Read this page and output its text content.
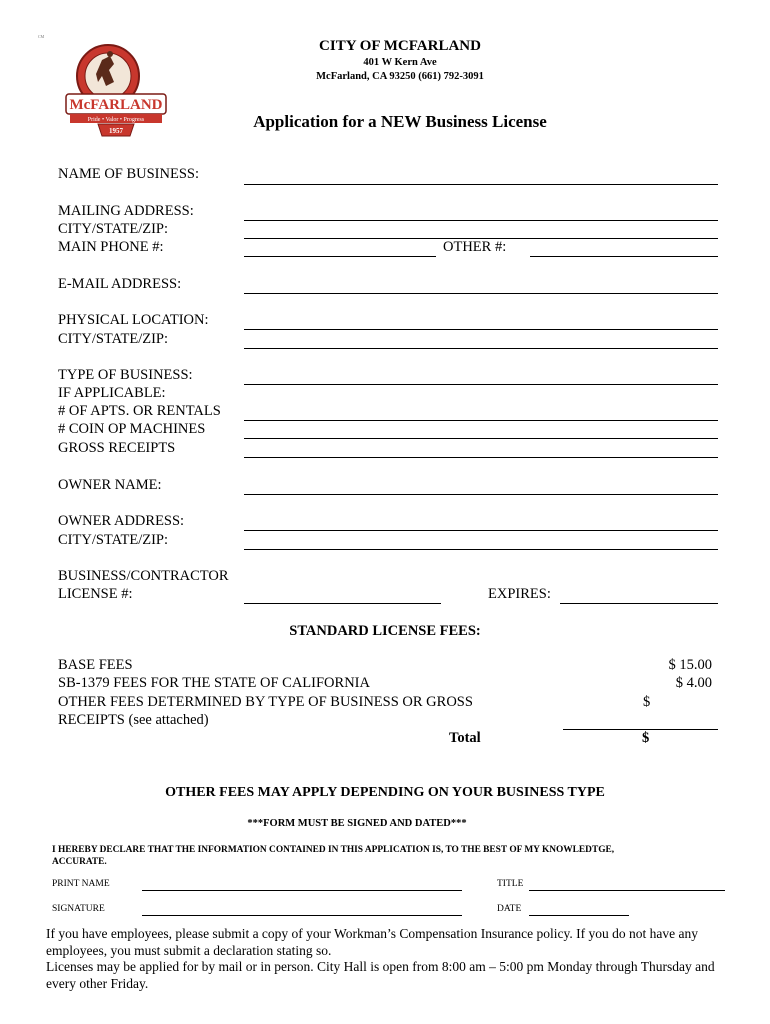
CM
McFARLAND
Pride • Valor • Progress
1957
CITY OF MCFARLAND
401 W Kern Ave
McFarland, CA 93250 (661) 792-3091
Application for a NEW Business License
NAME OF BUSINESS:
MAILING ADDRESS:
CITY/STATE/ZIP:
MAIN PHONE #:	OTHER #:
E-MAIL ADDRESS:
PHYSICAL LOCATION:
CITY/STATE/ZIP:
TYPE OF BUSINESS:
IF APPLICABLE:
# OF APTS. OR RENTALS
# COIN OP MACHINES
GROSS RECEIPTS
OWNER NAME:
OWNER ADDRESS:
CITY/STATE/ZIP:
BUSINESS/CONTRACTOR
LICENSE #:	EXPIRES:
STANDARD LICENSE FEES:
BASE FEES	$ 15.00
SB-1379 FEES FOR THE STATE OF CALIFORNIA	$ 4.00
OTHER FEES DETERMINED BY TYPE OF BUSINESS OR GROSS	$
RECEIPTS (see attached)
Total	$
OTHER FEES MAY APPLY DEPENDING ON YOUR BUSINESS TYPE
***FORM MUST BE SIGNED AND DATED***
I HEREBY DECLARE THAT THE INFORMATION CONTAINED IN THIS APPLICATION IS, TO THE BEST OF MY KNOWLEDTGE,
ACCURATE.
PRINT NAME	TITLE
SIGNATURE	DATE
If you have employees, please submit a copy of your Workman’s Compensation Insurance policy. If you do not have any employees, you must submit a declaration stating so.
Licenses may be applied for by mail or in person. City Hall is open from 8:00 am – 5:00 pm Monday through Thursday and every other Friday.
